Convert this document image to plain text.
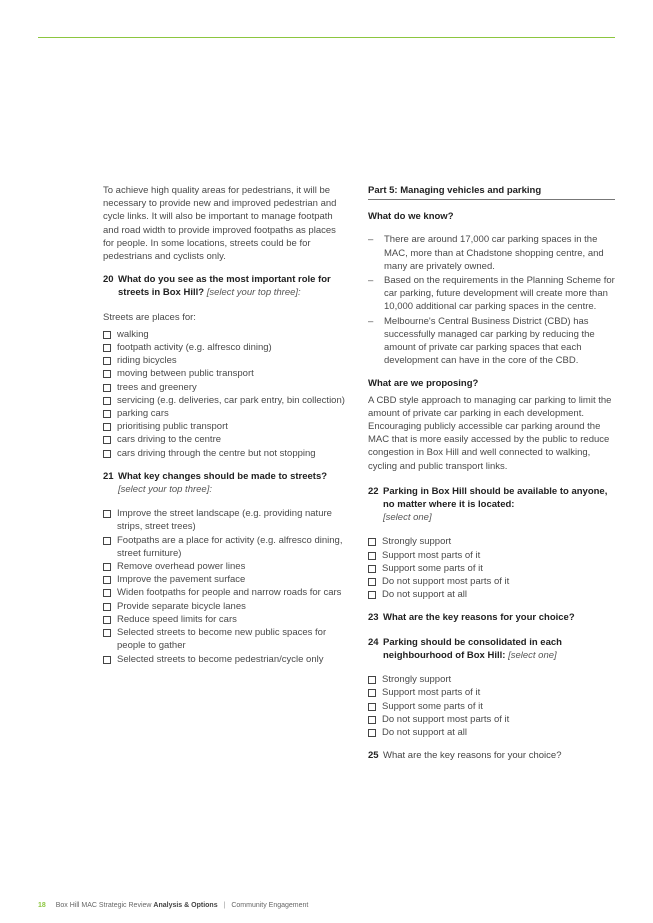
To achieve high quality areas for pedestrians, it will be necessary to provide new and improved pedestrian and cycle links. It will also be important to manage footpath and road width to provide improved footpaths as places for people. In some locations, streets could be for pedestrians and cyclists only.

20 What do you see as the most important role for streets in Box Hill? [select your top three]:

Streets are places for:

walking
footpath activity (e.g. alfresco dining)
riding bicycles
moving between public transport
trees and greenery
servicing (e.g. deliveries, car park entry, bin collection)
parking cars
prioritising public transport
cars driving to the centre
cars driving through the centre but not stopping
21 What key changes should be made to streets?
[select your top three]:
Improve the street landscape (e.g. providing nature strips, street trees)
Footpaths are a place for activity (e.g. alfresco dining, street furniture)
Remove overhead power lines
Improve the pavement surface
Widen footpaths for people and narrow roads for cars
Provide separate bicycle lanes
Reduce speed limits for cars
Selected streets to become new public spaces for people to gather
Selected streets to become pedestrian/cycle only
Part 5: Managing vehicles and parking
What do we know?
–	There are around 17,000 car parking spaces in the MAC, more than at Chadstone shopping centre, and many are privately owned.
–	Based on the requirements in the Planning Scheme for car parking, future development will create more than 10,000 additional car parking spaces in the centre.
–	Melbourne's Central Business District (CBD) has successfully managed car parking by reducing the amount of private car parking spaces that each development can have in the core of the CBD.
What are we proposing?

A CBD style approach to managing car parking to limit the amount of private car parking in each development. Encouraging publicly accessible car parking around the MAC that is more easily accessed by the public to reduce congestion in Box Hill and well connected to walking, cycling and public transport links.

22 Parking in Box Hill should be available to anyone, no matter where it is located:
[select one]
Strongly support
Support most parts of it
Support some parts of it
Do not support most parts of it
Do not support at all
23 What are the key reasons for your choice?
24 Parking should be consolidated in each neighbourhood of Box Hill: [select one]
Strongly support
Support most parts of it
Support some parts of it
Do not support most parts of it
Do not support at all
25 What are the key reasons for your choice?
18 Box Hill MAC Strategic Review Analysis & Options | Community Engagement
